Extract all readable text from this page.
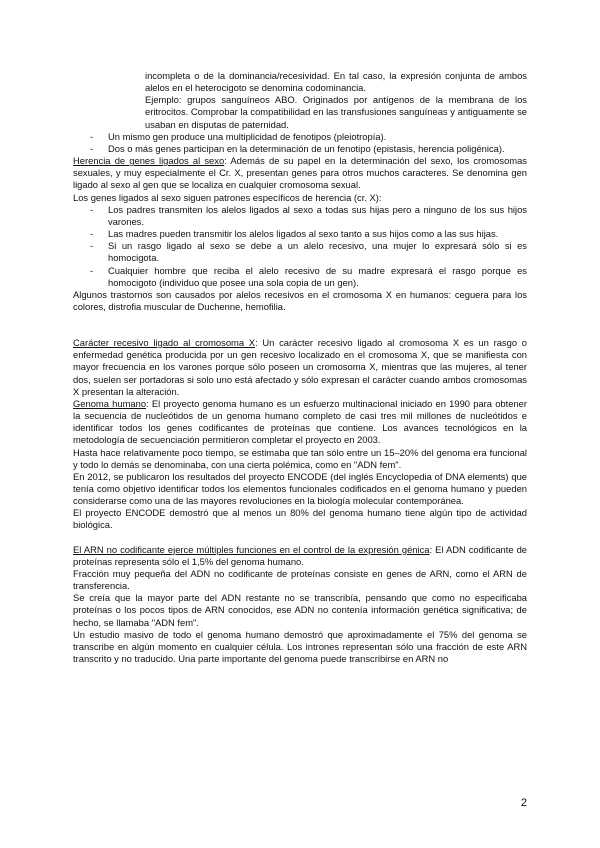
incompleta o de la dominancia/recesividad. En tal caso, la expresión conjunta de ambos alelos en el heterocigoto se denomina codominancia.

Ejemplo: grupos sanguíneos ABO. Originados por antígenos de la membrana de los eritrocitos. Comprobar la compatibilidad en las transfusiones sanguíneas y antiguamente se usaban en disputas de paternidad.

- Un mismo gen produce una multiplicidad de fenotipos (pleiotropía).
- Dos o más genes participan en la determinación de un fenotipo (epistasis, herencia poligénica).

Herencia de genes ligados al sexo: Además de su papel en la determinación del sexo, los cromosomas sexuales, y muy especialmente el Cr. X, presentan genes para otros muchos caracteres. Se denomina gen ligado al sexo al gen que se localiza en cualquier cromosoma sexual.

Los genes ligados al sexo siguen patrones específicos de herencia (cr. X):

- Los padres transmiten los alelos ligados al sexo a todas sus hijas pero a ninguno de los sus hijos varones.
- Las madres pueden transmitir los alelos ligados al sexo tanto a sus hijos como a las sus hijas.
- Si un rasgo ligado al sexo se debe a un alelo recesivo, una mujer lo expresará sólo si es homocigota.
- Cualquier hombre que reciba el alelo recesivo de su madre expresará el rasgo porque es homocigoto (individuo que posee una sola copia de un gen).

Algunos trastornos son causados por alelos recesivos en el cromosoma X en humanos: ceguera para los colores, distrofia muscular de Duchenne, hemofilia.

Carácter recesivo ligado al cromosoma X: Un carácter recesivo ligado al cromosoma X es un rasgo o enfermedad genética producida por un gen recesivo localizado en el cromosoma X, que se manifiesta con mayor frecuencia en los varones porque sólo poseen un cromosoma X, mientras que las mujeres, al tener dos, suelen ser portadoras si solo uno está afectado y sólo expresan el carácter cuando ambos cromosomas X presentan la alteración.

Genoma humano: El proyecto genoma humano es un esfuerzo multinacional iniciado en 1990 para obtener la secuencia de nucleótidos de un genoma humano completo de casi tres mil millones de nucleótidos e identificar todos los genes codificantes de proteínas que contiene. Los avances tecnológicos en la metodología de secuenciación permitieron completar el proyecto en 2003.

Hasta hace relativamente poco tiempo, se estimaba que tan sólo entre un 15–20% del genoma era funcional y todo lo demás se denominaba, con una cierta polémica, como en "ADN fem".

En 2012, se publicaron los resultados del proyecto ENCODE (del inglés Encyclopedia of DNA elements) que tenía como objetivo identificar todos los elementos funcionales codificados en el genoma humano y pueden considerarse como una de las mayores revoluciones en la biología molecular contemporánea.

El proyecto ENCODE demostró que al menos un 80% del genoma humano tiene algún tipo de actividad biológica.

El ARN no codificante ejerce múltiples funciones en el control de la expresión génica: El ADN codificante de proteínas representa sólo el 1,5% del genoma humano.

Fracción muy pequeña del ADN no codificante de proteínas consiste en genes de ARN, como el ARN de transferencia.

Se creía que la mayor parte del ADN restante no se transcribía, pensando que como no especificaba proteínas o los pocos tipos de ARN conocidos, ese ADN no contenía información genética significativa; de hecho, se llamaba "ADN fem".

Un estudio masivo de todo el genoma humano demostró que aproximadamente el 75% del genoma se transcribe en algún momento en cualquier célula. Los intrones representan sólo una fracción de este ARN transcrito y no traducido. Una parte importante del genoma puede transcribirse en ARN no

2
